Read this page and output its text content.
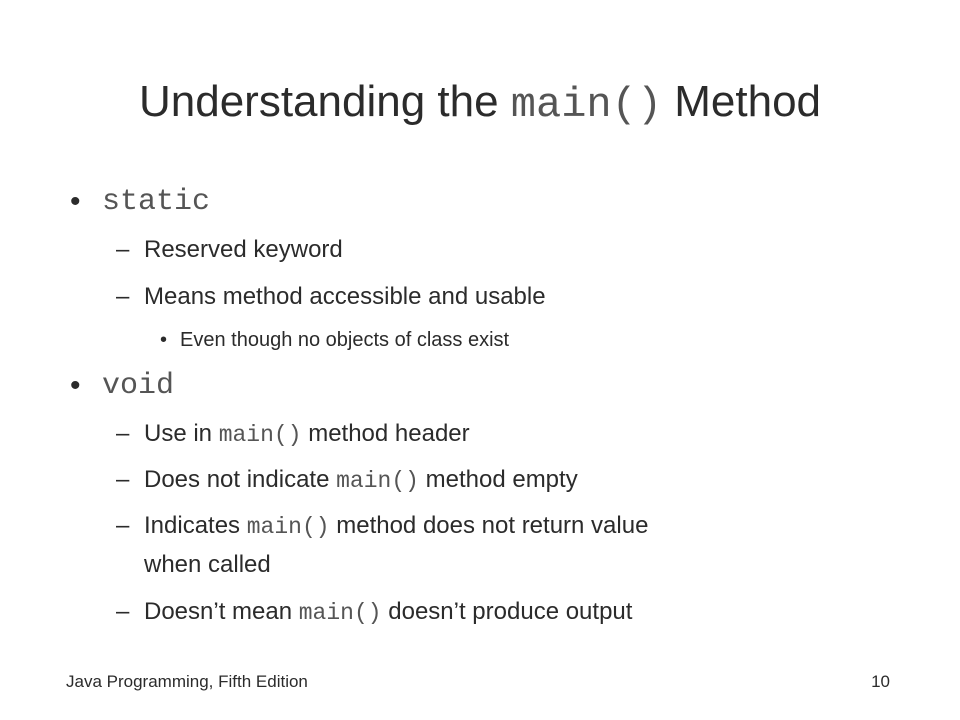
Understanding the main() Method
• static
– Reserved keyword
– Means method accessible and usable
• Even though no objects of class exist
• void
– Use in main() method header
– Does not indicate main() method empty
– Indicates main() method does not return value
when called
– Doesn’t mean main() doesn’t produce output
Java Programming, Fifth Edition	10
